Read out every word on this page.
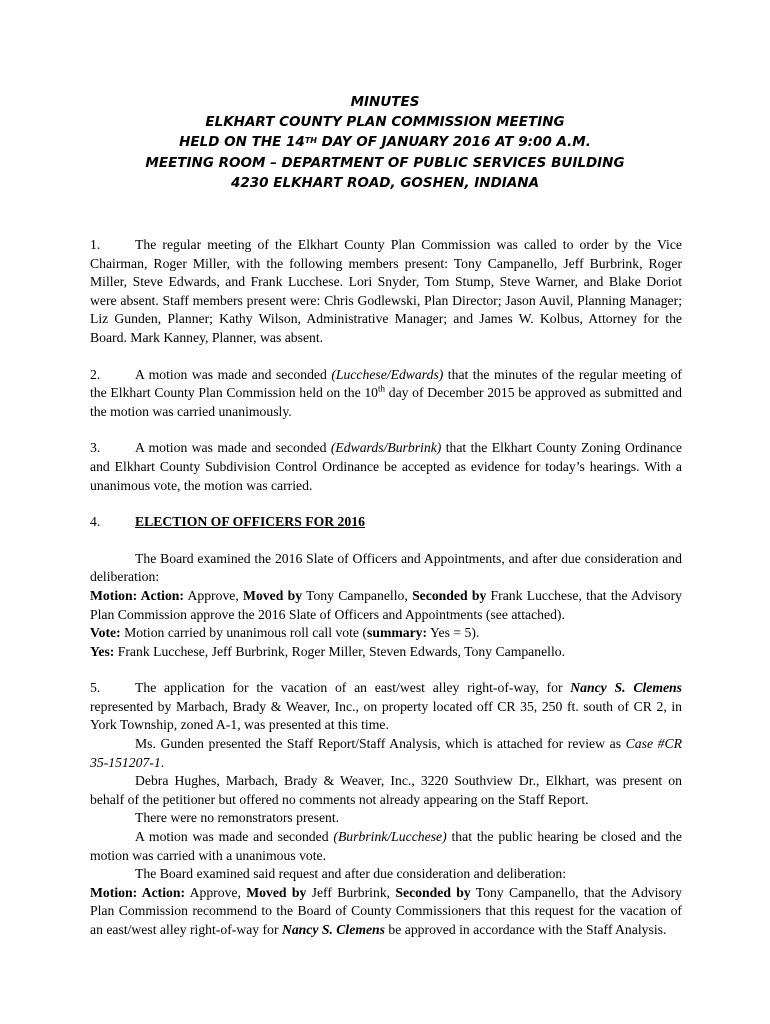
MINUTES
ELKHART COUNTY PLAN COMMISSION MEETING
HELD ON THE 14TH DAY OF JANUARY 2016 AT 9:00 A.M.
MEETING ROOM – DEPARTMENT OF PUBLIC SERVICES BUILDING
4230 ELKHART ROAD, GOSHEN, INDIANA

1.	The regular meeting of the Elkhart County Plan Commission was called to order by the Vice Chairman, Roger Miller, with the following members present: Tony Campanello, Jeff Burbrink, Roger Miller, Steve Edwards, and Frank Lucchese. Lori Snyder, Tom Stump, Steve Warner, and Blake Doriot were absent. Staff members present were: Chris Godlewski, Plan Director; Jason Auvil, Planning Manager; Liz Gunden, Planner; Kathy Wilson, Administrative Manager; and James W. Kolbus, Attorney for the Board. Mark Kanney, Planner, was absent.

2.	A motion was made and seconded (Lucchese/Edwards) that the minutes of the regular meeting of the Elkhart County Plan Commission held on the 10th day of December 2015 be approved as submitted and the motion was carried unanimously.

3.	A motion was made and seconded (Edwards/Burbrink) that the Elkhart County Zoning Ordinance and Elkhart County Subdivision Control Ordinance be accepted as evidence for today’s hearings. With a unanimous vote, the motion was carried.

4.	ELECTION OF OFFICERS FOR 2016

The Board examined the 2016 Slate of Officers and Appointments, and after due consideration and deliberation:

Motion: Action: Approve, Moved by Tony Campanello, Seconded by Frank Lucchese, that the Advisory Plan Commission approve the 2016 Slate of Officers and Appointments (see attached).

Vote: Motion carried by unanimous roll call vote (summary: Yes = 5).

Yes: Frank Lucchese, Jeff Burbrink, Roger Miller, Steven Edwards, Tony Campanello.

5.	The application for the vacation of an east/west alley right-of-way, for Nancy S. Clemens represented by Marbach, Brady & Weaver, Inc., on property located off CR 35, 250 ft. south of CR 2, in York Township, zoned A-1, was presented at this time.

Ms. Gunden presented the Staff Report/Staff Analysis, which is attached for review as Case #CR 35-151207-1.

Debra Hughes, Marbach, Brady & Weaver, Inc., 3220 Southview Dr., Elkhart, was present on behalf of the petitioner but offered no comments not already appearing on the Staff Report.

There were no remonstrators present.

A motion was made and seconded (Burbrink/Lucchese) that the public hearing be closed and the motion was carried with a unanimous vote.

The Board examined said request and after due consideration and deliberation:

Motion: Action: Approve, Moved by Jeff Burbrink, Seconded by Tony Campanello, that the Advisory Plan Commission recommend to the Board of County Commissioners that this request for the vacation of an east/west alley right-of-way for Nancy S. Clemens be approved in accordance with the Staff Analysis.
